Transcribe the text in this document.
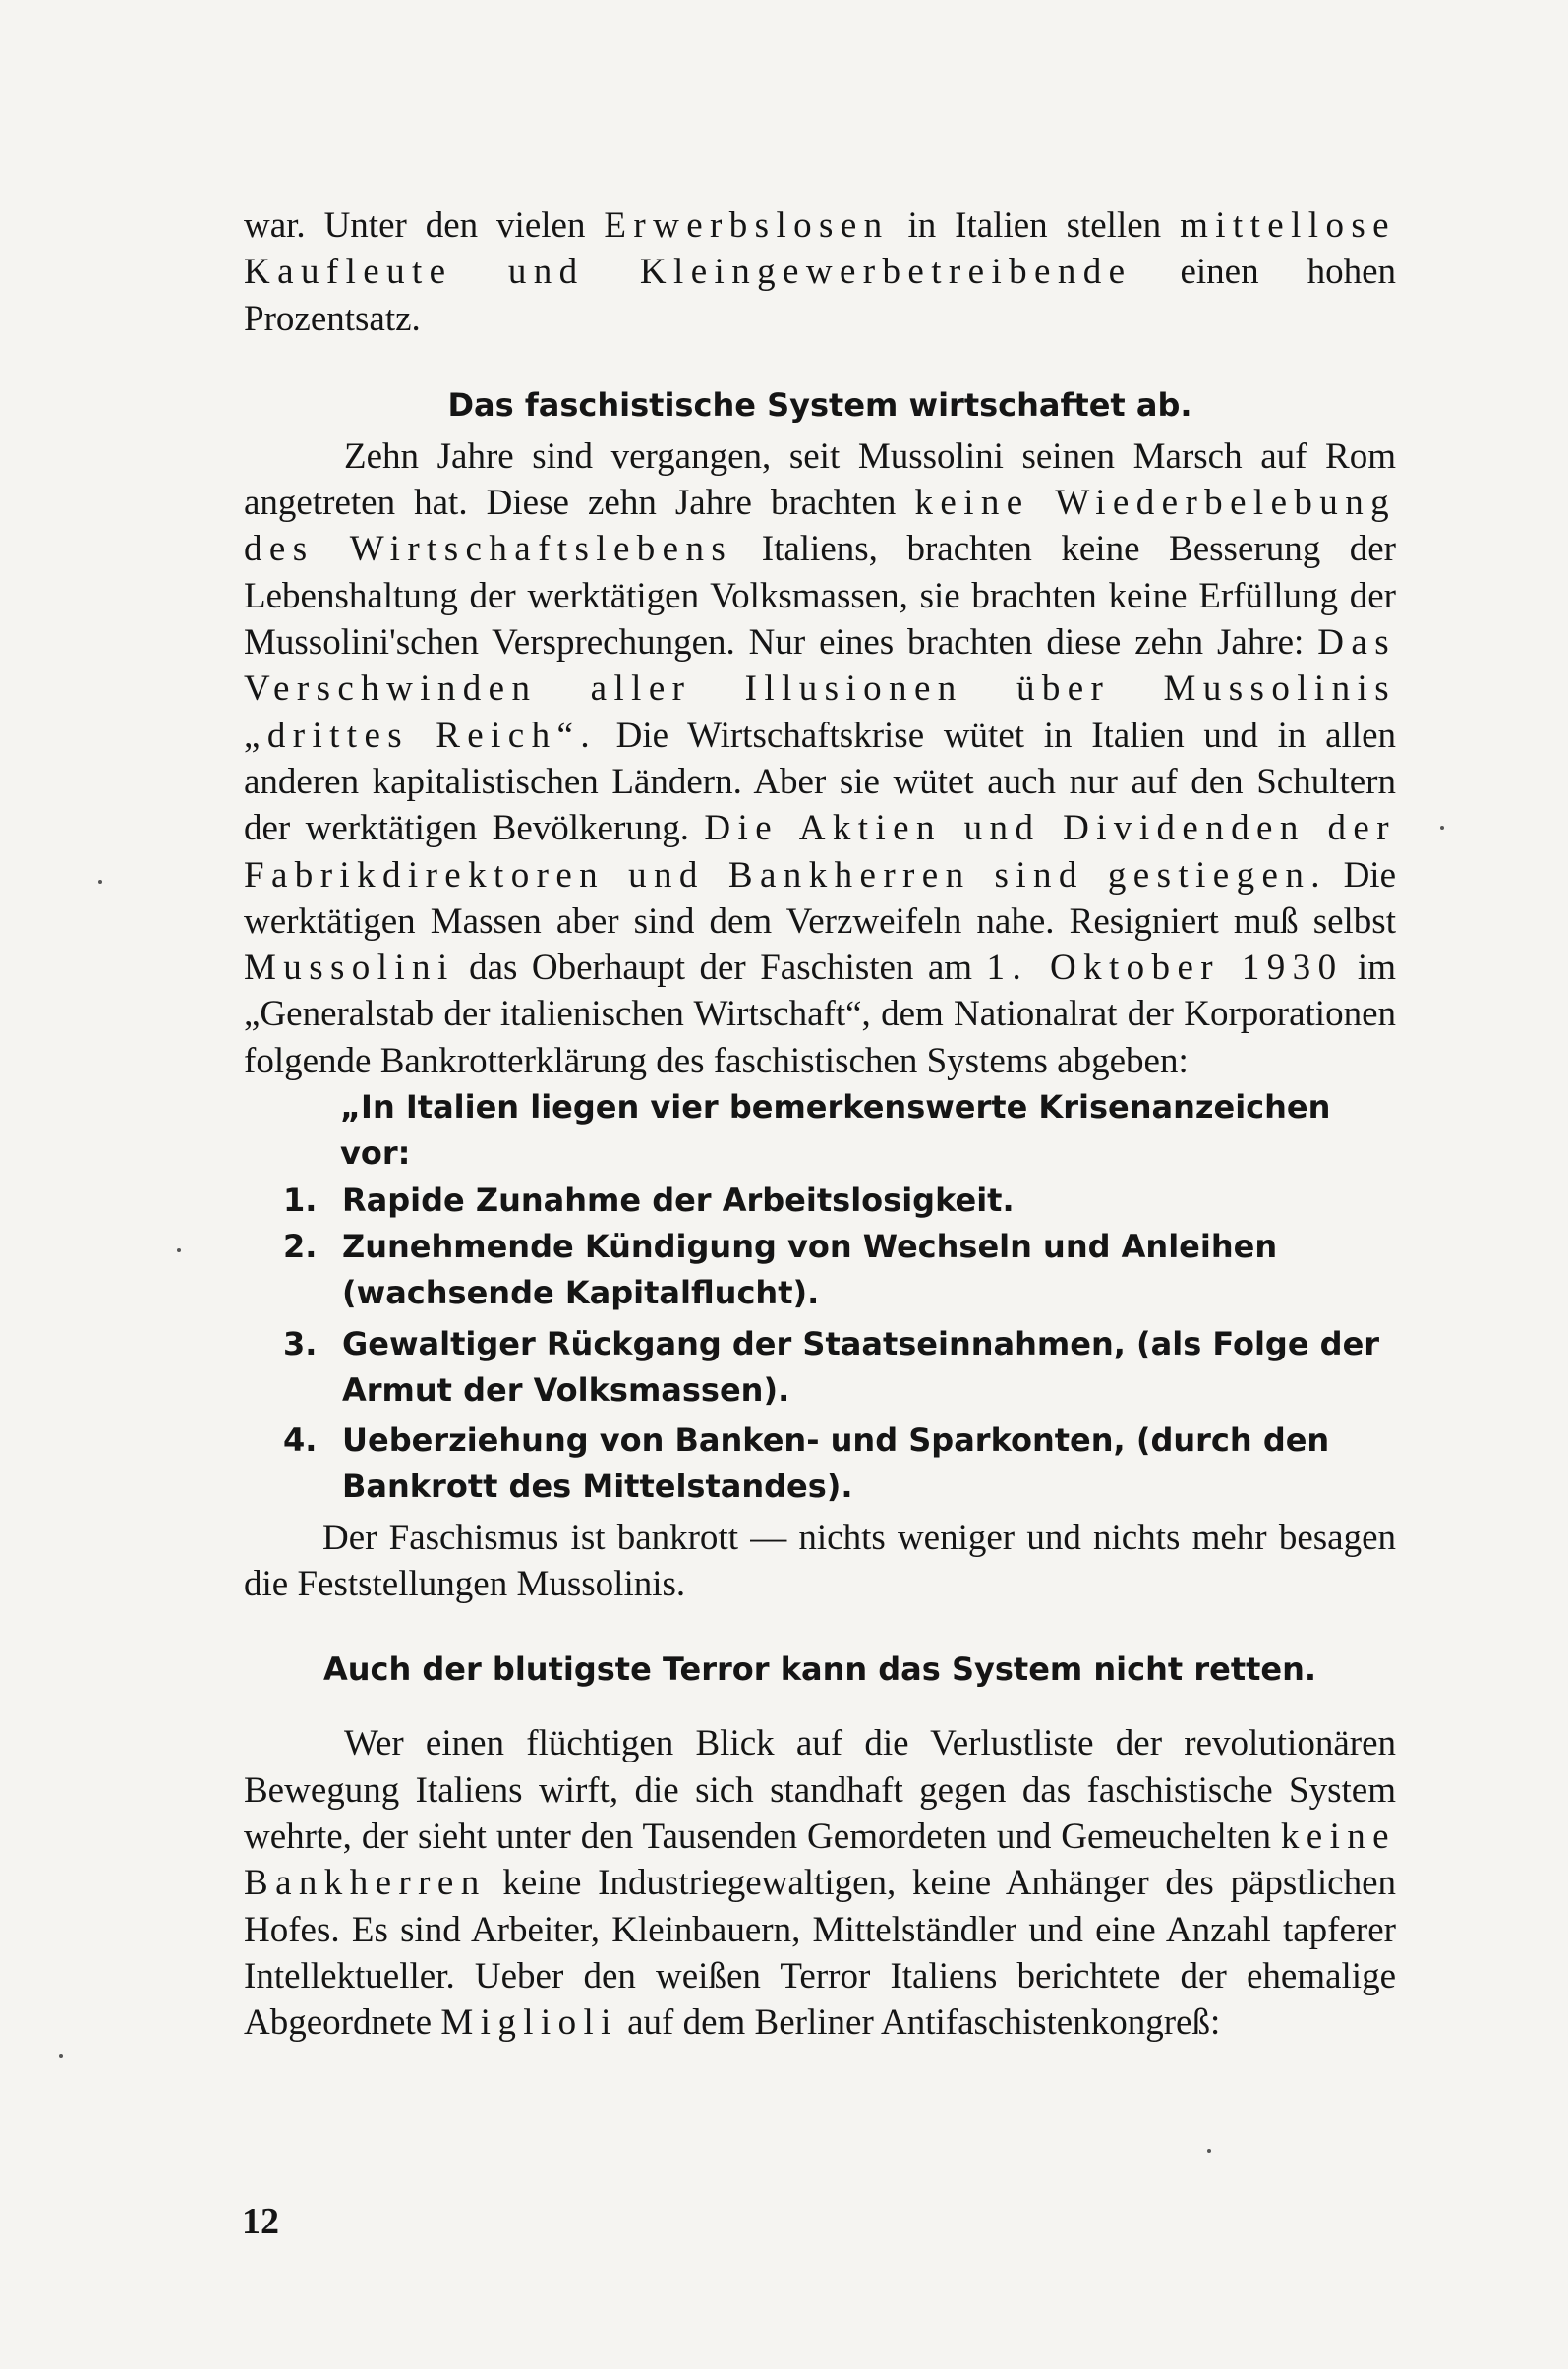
war. Unter den vielen Erwerbslosen in Italien stellen mittellose Kaufleute und Kleingewerbetreibende einen hohen Prozentsatz.

Das faschistische System wirtschaftet ab.

Zehn Jahre sind vergangen, seit Mussolini seinen Marsch auf Rom angetreten hat. Diese zehn Jahre brachten keine Wiederbelebung des Wirtschaftslebens Italiens, brachten keine Besserung der Lebenshaltung der werktätigen Volksmassen, sie brachten keine Erfüllung der Mussolini'schen Versprechungen. Nur eines brachten diese zehn Jahre: Das Verschwinden aller Illusionen über Mussolinis „drittes Reich“. Die Wirtschaftskrise wütet in Italien und in allen anderen kapitalistischen Ländern. Aber sie wütet auch nur auf den Schultern der werktätigen Bevölkerung. Die Aktien und Dividenden der Fabrikdirektoren und Bankherren sind gestiegen. Die werktätigen Massen aber sind dem Verzweifeln nahe. Resigniert muß selbst Mussolini das Oberhaupt der Faschisten am 1. Oktober 1930 im „Generalstab der italienischen Wirtschaft“, dem Nationalrat der Korporationen folgende Bankrotterklärung des faschistischen Systems abgeben:

„In Italien liegen vier bemerkenswerte Krisenanzeichen vor:
1. Rapide Zunahme der Arbeitslosigkeit.
2. Zunehmende Kündigung von Wechseln und Anleihen (wachsende Kapitalflucht).
3. Gewaltiger Rückgang der Staatseinnahmen, (als Folge der Armut der Volksmassen).
4. Ueberziehung von Banken- und Sparkonten, (durch den Bankrott des Mittelstandes).

Der Faschismus ist bankrott — nichts weniger und nichts mehr besagen die Feststellungen Mussolinis.

Auch der blutigste Terror kann das System nicht retten.

Wer einen flüchtigen Blick auf die Verlustliste der revolutionären Bewegung Italiens wirft, die sich standhaft gegen das faschistische System wehrte, der sieht unter den Tausenden Gemordeten und Gemeuchelten keine Bankherren keine Industriegewaltigen, keine Anhänger des päpstlichen Hofes. Es sind Arbeiter, Kleinbauern, Mittelständler und eine Anzahl tapferer Intellektueller. Ueber den weißen Terror Italiens berichtete der ehemalige Abgeordnete Miglioli auf dem Berliner Antifaschistenkongreß:

12
